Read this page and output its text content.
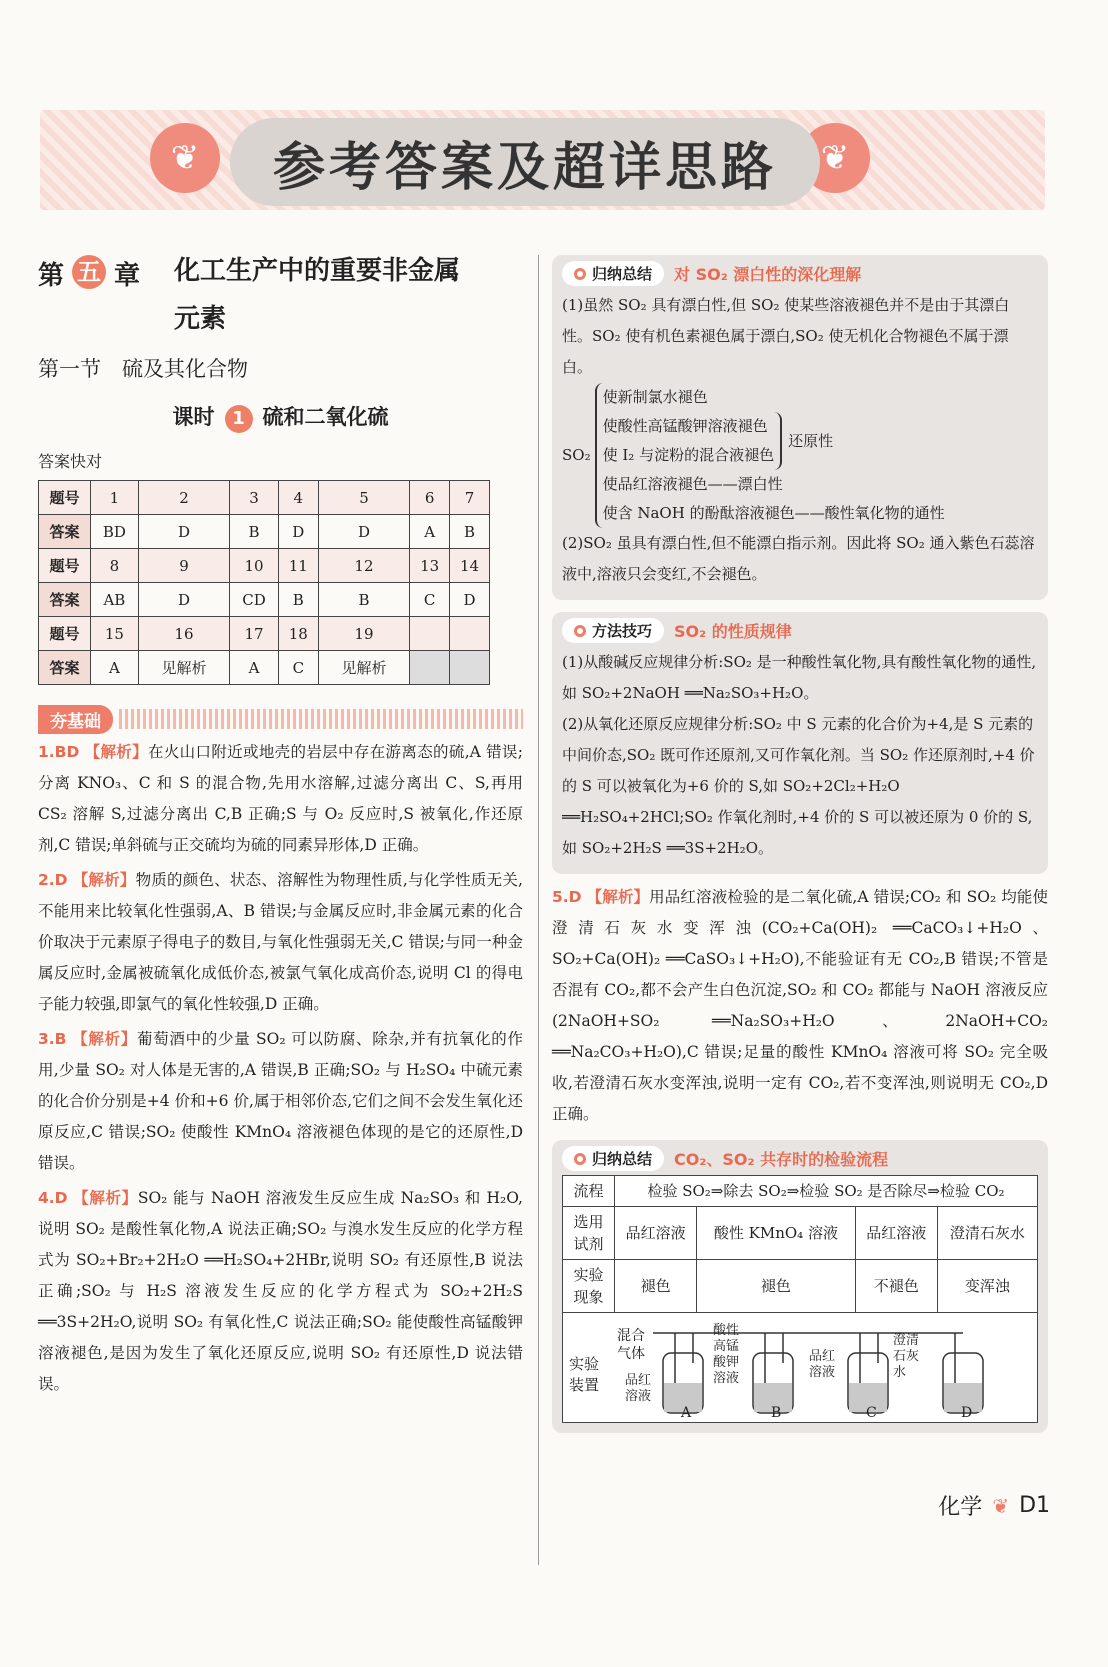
❦	❦
参考答案及超详思路
第 五 章 化工生产中的重要非金属元素
第一节　硫及其化合物
课时 1 硫和二氧化硫
答案快对
题号	1	2	3	4	5	6	7
答案	BD	D	B	D	D	A	B
题号	8	9	10	11	12	13	14
答案	AB	D	CD	B	B	C	D
题号	15	16	17	18	19		
答案	A	见解析	A	C	见解析		
夯基础
1.BD 【解析】在火山口附近或地壳的岩层中存在游离态的硫,A 错误;分离 KNO₃、C 和 S 的混合物,先用水溶解,过滤分离出 C、S,再用 CS₂ 溶解 S,过滤分离出 C,B 正确;S 与 O₂ 反应时,S 被氧化,作还原剂,C 错误;单斜硫与正交硫均为硫的同素异形体,D 正确。
2.D 【解析】物质的颜色、状态、溶解性为物理性质,与化学性质无关,不能用来比较氧化性强弱,A、B 错误;与金属反应时,非金属元素的化合价取决于元素原子得电子的数目,与氧化性强弱无关,C 错误;与同一种金属反应时,金属被硫氧化成低价态,被氯气氧化成高价态,说明 Cl 的得电子能力较强,即氯气的氧化性较强,D 正确。
3.B 【解析】葡萄酒中的少量 SO₂ 可以防腐、除杂,并有抗氧化的作用,少量 SO₂ 对人体是无害的,A 错误,B 正确;SO₂ 与 H₂SO₄ 中硫元素的化合价分别是+4 价和+6 价,属于相邻价态,它们之间不会发生氧化还原反应,C 错误;SO₂ 使酸性 KMnO₄ 溶液褪色体现的是它的还原性,D 错误。
4.D 【解析】SO₂ 能与 NaOH 溶液发生反应生成 Na₂SO₃ 和 H₂O,说明 SO₂ 是酸性氧化物,A 说法正确;SO₂ 与溴水发生反应的化学方程式为 SO₂+Br₂+2H₂O ══H₂SO₄+2HBr,说明 SO₂ 有还原性,B 说法正确;SO₂ 与 H₂S 溶液发生反应的化学方程式为 SO₂+2H₂S ══3S+2H₂O,说明 SO₂ 有氧化性,C 说法正确;SO₂ 能使酸性高锰酸钾溶液褪色,是因为发生了氧化还原反应,说明 SO₂ 有还原性,D 说法错误。
归纳总结 对 SO₂ 漂白性的深化理解

(1)虽然 SO₂ 具有漂白性,但 SO₂ 使某些溶液褪色并不是由于其漂白性。SO₂ 使有机色素褪色属于漂白,SO₂ 使无机化合物褪色不属于漂白。

SO₂
使新制氯水褪色
使酸性高锰酸钾溶液褪色
使 I₂ 与淀粉的混合液褪色
还原性
使品红溶液褪色——漂白性
使含 NaOH 的酚酞溶液褪色——酸性氧化物的通性

(2)SO₂ 虽具有漂白性,但不能漂白指示剂。因此将 SO₂ 通入紫色石蕊溶液中,溶液只会变红,不会褪色。

方法技巧 SO₂ 的性质规律

(1)从酸碱反应规律分析:SO₂ 是一种酸性氧化物,具有酸性氧化物的通性,如 SO₂+2NaOH ══Na₂SO₃+H₂O。

(2)从氧化还原反应规律分析:SO₂ 中 S 元素的化合价为+4,是 S 元素的中间价态,SO₂ 既可作还原剂,又可作氧化剂。当 SO₂ 作还原剂时,+4 价的 S 可以被氧化为+6 价的 S,如 SO₂+2Cl₂+H₂O ══H₂SO₄+2HCl;SO₂ 作氧化剂时,+4 价的 S 可以被还原为 0 价的 S,如 SO₂+2H₂S ══3S+2H₂O。

5.D 【解析】用品红溶液检验的是二氧化硫,A 错误;CO₂ 和 SO₂ 均能使澄清石灰水变浑浊(CO₂+Ca(OH)₂ ══CaCO₃↓+H₂O、SO₂+Ca(OH)₂ ══CaSO₃↓+H₂O),不能验证有无 CO₂,B 错误;不管是否混有 CO₂,都不会产生白色沉淀,SO₂ 和 CO₂ 都能与 NaOH 溶液反应(2NaOH+SO₂ ══Na₂SO₃+H₂O、2NaOH+CO₂ ══Na₂CO₃+H₂O),C 错误;足量的酸性 KMnO₄ 溶液可将 SO₂ 完全吸收,若澄清石灰水变浑浊,说明一定有 CO₂,若不变浑浊,则说明无 CO₂,D 正确。
归纳总结 CO₂、SO₂ 共存时的检验流程
流程	检验 SO₂⇒除去 SO₂⇒检验 SO₂ 是否除尽⇒检验 CO₂			
选用试剂	品红溶液	酸性 KMnO₄ 溶液	品红溶液	澄清石灰水
实验现象	褪色	褪色	不褪色	变浑浊
实验装置
混合气体
品红溶液
酸性高锰酸钾溶液
品红溶液
澄清石灰水
A	B	C	D
化学 ❦ D1
